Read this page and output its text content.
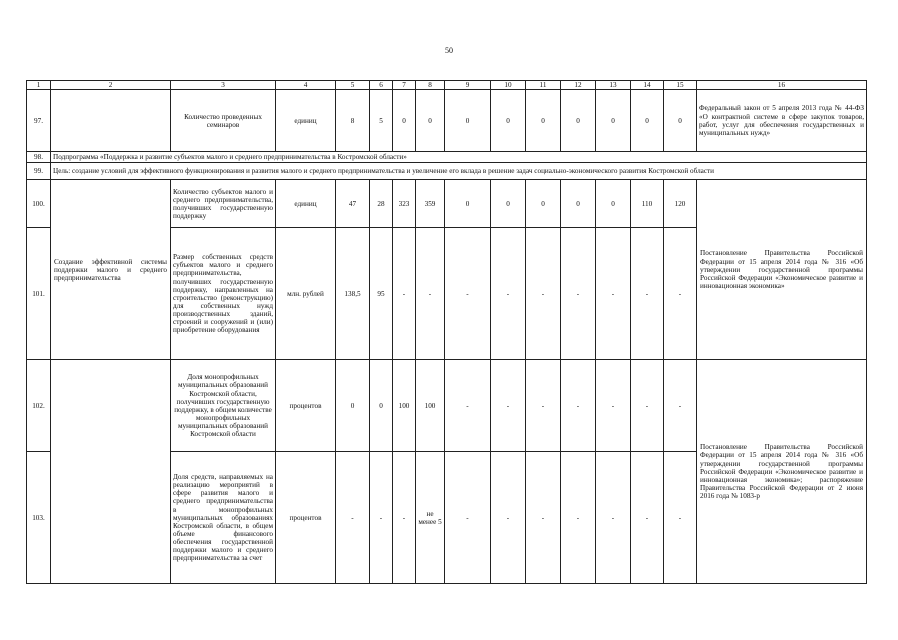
50
1	2	3	4	5	6	7	8	9	10	11	12	13	14	15	16
97.		Количество проведенных семинаров	единиц	8	5	0	0	0	0	0	0	0	0	0	Федеральный закон от 5 апреля 2013 года № 44-ФЗ «О контрактной системе в сфере закупок товаров, работ, услуг для обеспечения государственных и муниципальных нужд»
98.	Подпрограмма «Поддержка и развитие субъектов малого и среднего предпринимательства в Костромской области»														
99.	Цель: создание условий для эффективного функционирования и развития малого и среднего предпринимательства и увеличение его вклада в решение задач социально-экономического развития Костромской области														
100.	Создание эффективной системы поддержки малого и среднего предпринимательства	Количество субъектов малого и среднего предпринимательства, получивших государственную поддержку	единиц	47	28	323	359	0	0	0	0	0	110	120	Постановление Правительства Российской Федерации от 15 апреля 2014 года № 316 «Об утверждении государственной программы Российской Федерации «Экономическое развитие и инновационная экономика»
101.		Размер собственных средств субъектов малого и среднего предпринимательства, получивших государственную поддержку, направленных на строительство (реконструкцию) для собственных нужд производственных зданий, строений и сооружений и (или) приобретение оборудования	млн. рублей	138,5	95	-	-	-	-	-	-	-	-	-	
102.		Доля монопрофильных муниципальных образований Костромской области, получивших государственную поддержку, в общем количестве монопрофильных муниципальных образований Костромской области	процентов	0	0	100	100	-	-	-	-	-	-	-	Постановление Правительства Российской Федерации от 15 апреля 2014 года № 316 «Об утверждении государственной программы Российской Федерации «Экономическое развитие и инновационная экономика»; распоряжение Правительства Российской Федерации от 2 июня 2016 года № 1083-р
103.		Доля средств, направляемых на реализацию мероприятий в сфере развития малого и среднего предпринимательства в монопрофильных муниципальных образованиях Костромской области, в общем объеме финансового обеспечения государственной поддержки малого и среднего предпринимательства за счет	процентов	-	-	-	не менее 5	-	-	-	-	-	-	-	
